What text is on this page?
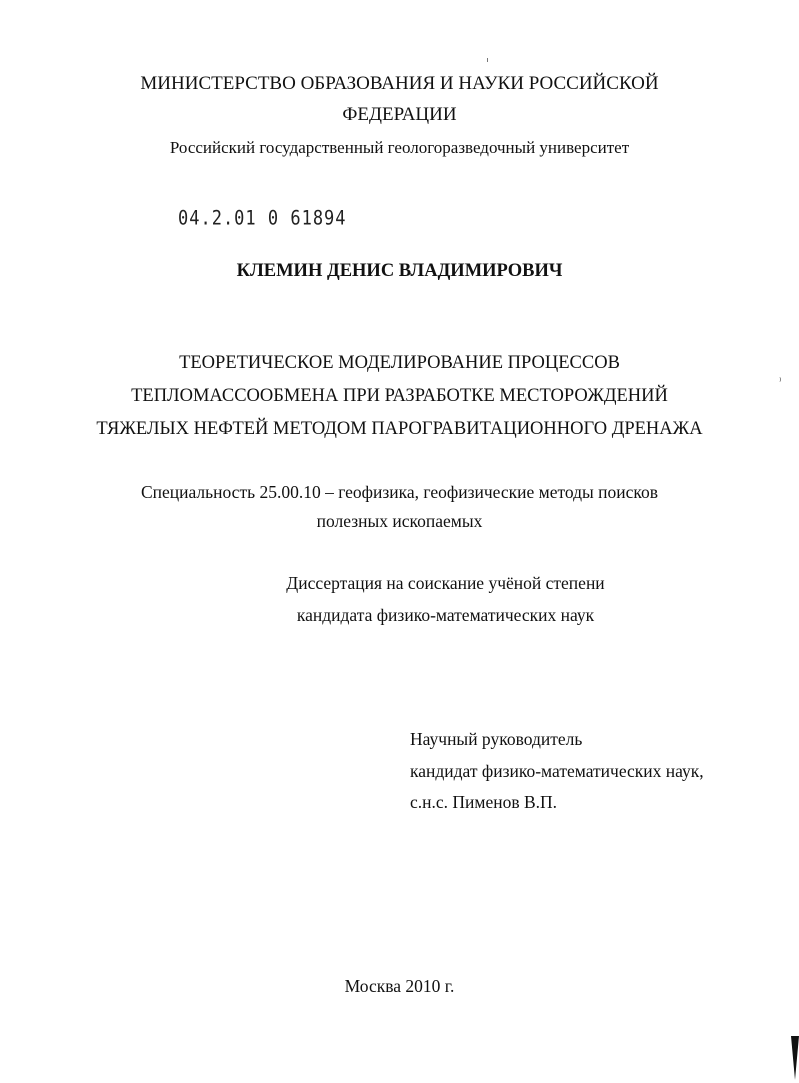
МИНИСТЕРСТВО ОБРАЗОВАНИЯ И НАУКИ РОССИЙСКОЙ
ФЕДЕРАЦИИ
Российский государственный геологоразведочный университет
04.2.01 0 61894
КЛЕМИН ДЕНИС ВЛАДИМИРОВИЧ
ТЕОРЕТИЧЕСКОЕ МОДЕЛИРОВАНИЕ ПРОЦЕССОВ
ТЕПЛОМАССООБМЕНА ПРИ РАЗРАБОТКЕ МЕСТОРОЖДЕНИЙ
ТЯЖЕЛЫХ НЕФТЕЙ МЕТОДОМ ПАРОГРАВИТАЦИОННОГО ДРЕНАЖА
Специальность 25.00.10 – геофизика, геофизические методы поисков
полезных ископаемых
Диссертация на соискание учёной степени
кандидата физико-математических наук
Научный руководитель
кандидат физико-математических наук,
с.н.с. Пименов В.П.
Москва 2010 г.
